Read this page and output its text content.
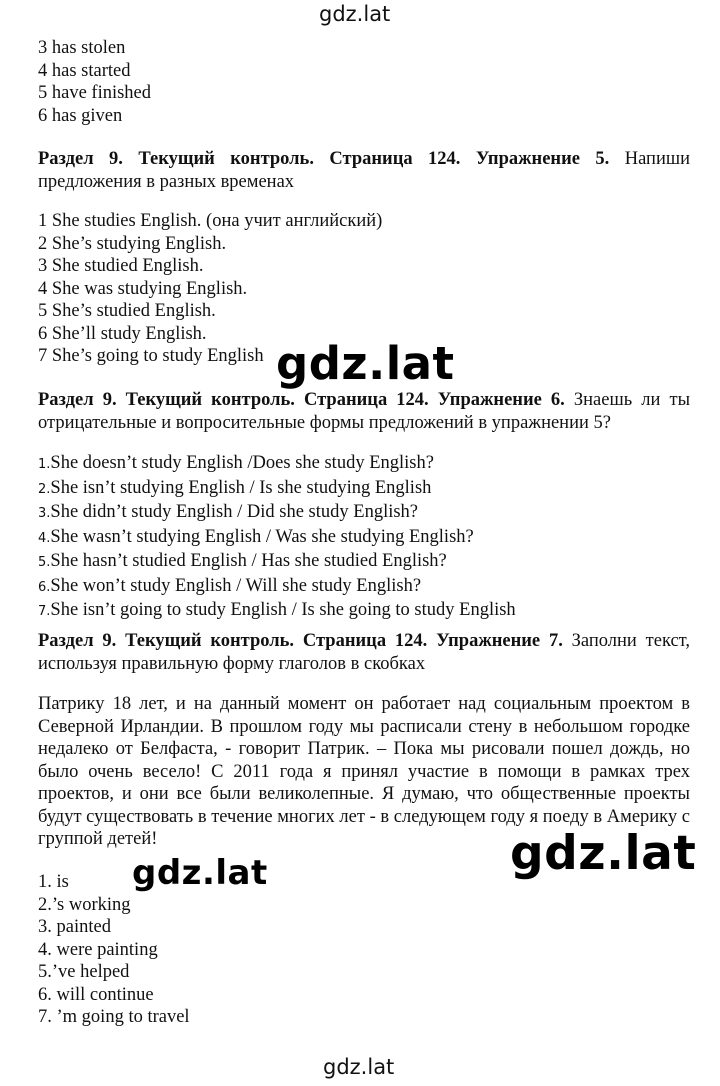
gdz.lat
3 has stolen
4 has started
5 have finished
6 has given
Раздел 9. Текущий контроль. Страница 124. Упражнение 5. Напиши предложения в разных временах
1 She studies English. (она учит английский)
2 She’s studying English.
3 She studied English.
4 She was studying English.
5 She’s studied English.
6 She’ll study English.
7 She’s going to study English
Раздел 9. Текущий контроль. Страница 124. Упражнение 6. Знаешь ли ты отрицательные и вопросительные формы предложений в упражнении 5?
gdz.lat
1.She doesn’t study English /Does she study English?
2.She isn’t studying English / Is she studying English
3.She didn’t study English / Did she study English?
4.She wasn’t studying English / Was she studying English?
5.She hasn’t studied English / Has she studied English?
6.She won’t study English / Will she study English?
7.She isn’t going to study English / Is she going to study English
Раздел 9. Текущий контроль. Страница 124. Упражнение 7. Заполни текст, используя правильную форму глаголов в скобках
Патрику 18 лет, и на данный момент он работает над социальным проектом в Северной Ирландии. В прошлом году мы расписали стену в небольшом городке недалеко от Белфаста, - говорит Патрик. – Пока мы рисовали пошел дождь, но было очень весело! С 2011 года я принял участие в помощи в рамках трех проектов, и они все были великолепные. Я думаю, что общественные проекты будут существовать в течение многих лет - в следующем году я поеду в Америку с группой детей!
gdz.lat	gdz.lat
1. is
2.’s working
3. painted
4. were painting
5.’ve helped
6. will continue
7. ’m going to travel
gdz.lat
